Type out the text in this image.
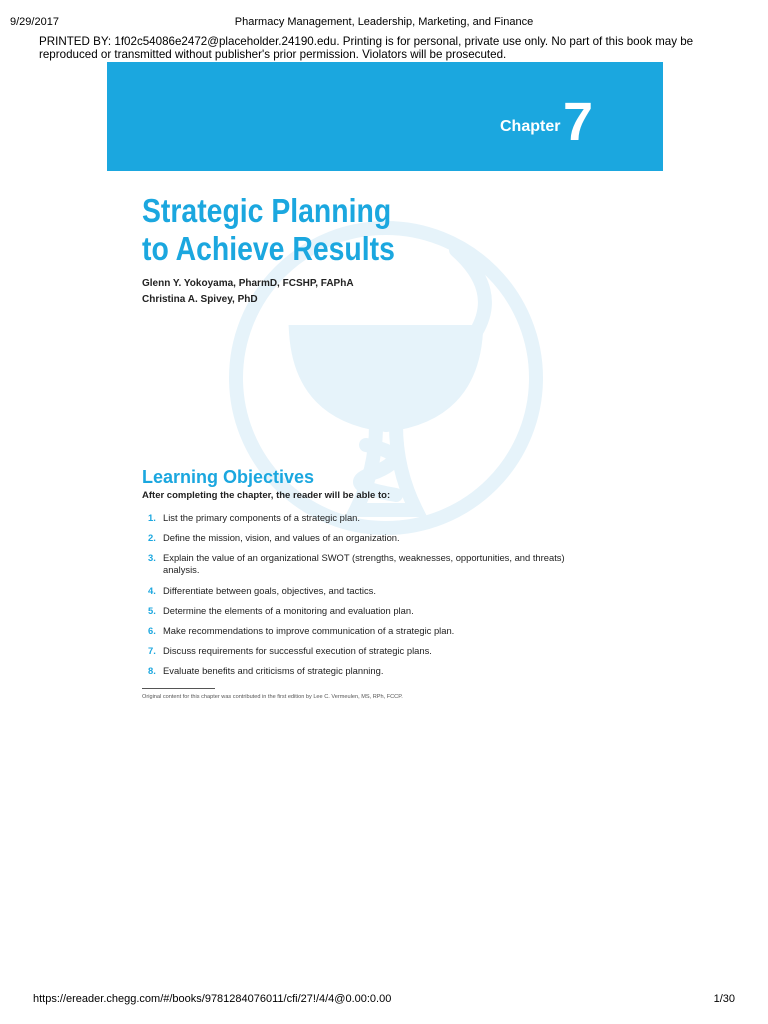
9/29/2017	Pharmacy Management, Leadership, Marketing, and Finance
PRINTED BY: 1f02c54086e2472@placeholder.24190.edu. Printing is for personal, private use only. No part of this book may be reproduced or transmitted without publisher's prior permission. Violators will be prosecuted.
Chapter 7
Strategic Planning
to Achieve Results
Glenn Y. Yokoyama, PharmD, FCSHP, FAPhA
Christina A. Spivey, PhD
Learning Objectives
After completing the chapter, the reader will be able to:
1. List the primary components of a strategic plan.
2. Define the mission, vision, and values of an organization.
3. Explain the value of an organizational SWOT (strengths, weaknesses, opportunities, and threats) analysis.
4. Differentiate between goals, objectives, and tactics.
5. Determine the elements of a monitoring and evaluation plan.
6. Make recommendations to improve communication of a strategic plan.
7. Discuss requirements for successful execution of strategic plans.
8. Evaluate benefits and criticisms of strategic planning.
Original content for this chapter was contributed in the first edition by Lee C. Vermeulen, MS, RPh, FCCP.
https://ereader.chegg.com/#/books/9781284076011/cfi/27!/4/4@0.00:0.00	1/30
